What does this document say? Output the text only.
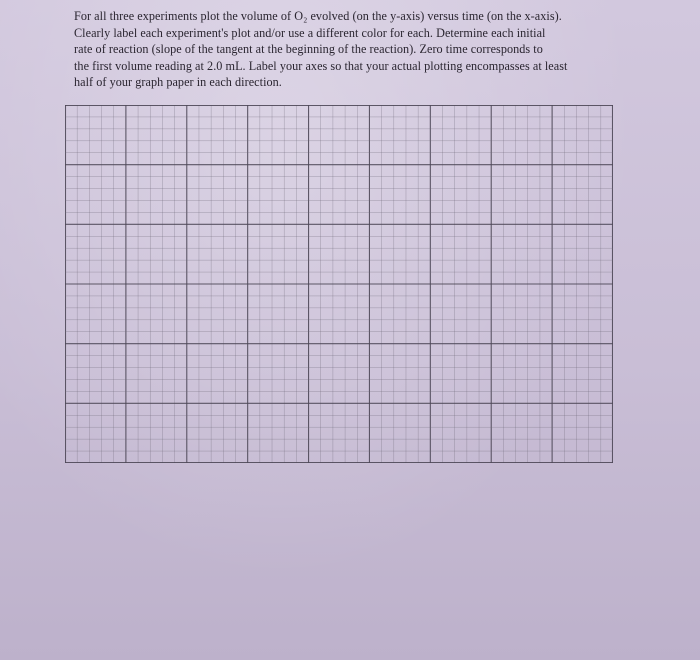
For all three experiments plot the volume of O₂ evolved (on the y-axis) versus time (on the x-axis).
Clearly label each experiment's plot and/or use a different color for each. Determine each initial
rate of reaction (slope of the tangent at the beginning of the reaction). Zero time corresponds to
the first volume reading at 2.0 mL. Label your axes so that your actual plotting encompasses at least
half of your graph paper in each direction.
